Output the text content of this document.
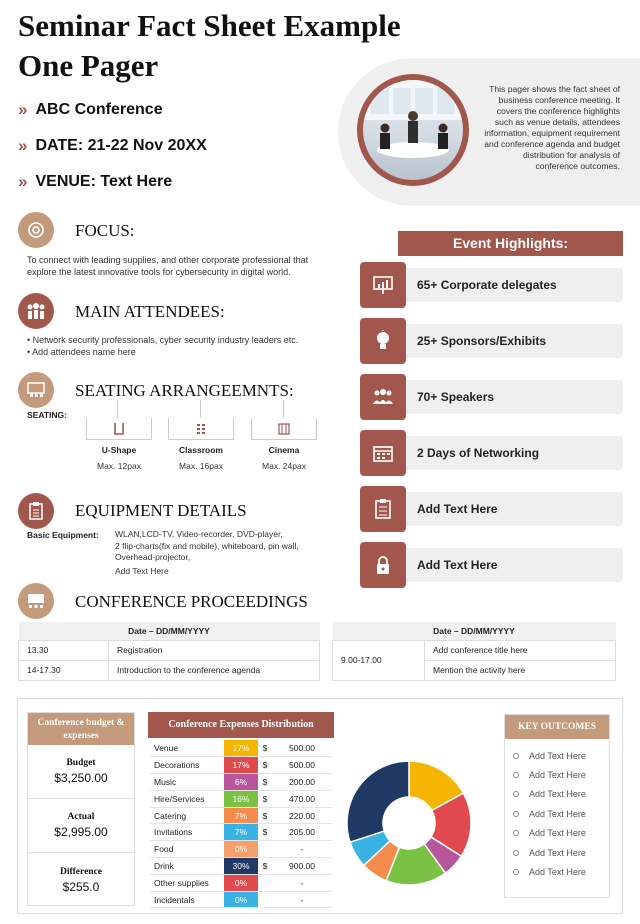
Seminar Fact Sheet Example One Pager
» ABC Conference
» DATE: 21-22 Nov 20XX
» VENUE: Text Here
This pager shows the fact sheet of business conference meeting. It covers the conference highlights such as venue details, attendees information, equipment requirement and conference agenda and budget distribution for analysis of conference outcomes.
FOCUS:
To connect with leading supplies, and other corporate professional that explore the latest innovative tools for cybersecurity in digital world.
MAIN ATTENDEES:
• Network security professionals, cyber security industry leaders etc.
• Add attendees name here
SEATING ARRANGEEMNTS:
SEATING:
U-Shape
Max. 12pax
Classroom
Max. 16pax
Cinema
Max. 24pax
EQUIPMENT DETAILS
Basic Equipment: WLAN,LCD-TV, Video-recorder, DVD-player,
2 flip-charts(fix and mobile), whiteboard, pin wall,
Overhead-projector,
Add Text Here
CONFERENCE PROCEEDINGS
Date – DD/MM/YYYY	
13.30	Registration
14-17.30	Introduction to the conference agenda
Date – DD/MM/YYYY
9.00-17.00	Add conference title here
Mention the activity here
Event Highlights:
65+ Corporate delegates
25+ Sponsors/Exhibits
70+ Speakers
2 Days of Networking
Add Text Here
Add Text Here
Conference budget & expenses
Budget
$3,250.00
Actual
$2,995.00
Difference
$255.0
Conference Expenses Distribution
Venue	17%	$	500.00
Decorations	17%	$	500.00
Music	6%	$	200.00
Hire/Services	16%	$	470.00
Catering	7%	$	220.00
Invitations	7%	$	205.00
Food	0%		-
Drink	30%	$	900.00
Other supplies	0%		-
Incidentals	0%		-
KEY OUTCOMES
Add Text Here
Add Text Here
Add Text Here
Add Text Here
Add Text Here
Add Text Here
Add Text Here
